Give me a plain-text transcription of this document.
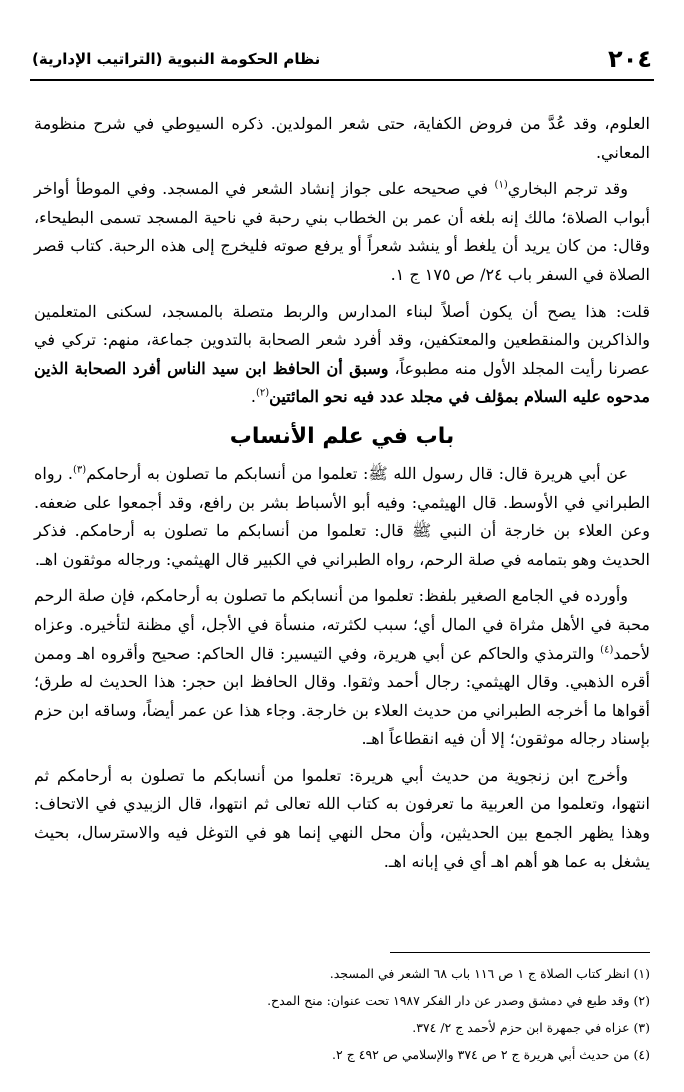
٢٠٤
نظام الحكومة النبوية (التراتيب الإدارية)

العلوم، وقد عُدَّ من فروض الكفاية، حتى شعر المولدين. ذكره السيوطي في شرح منظومة المعاني.

وقد ترجم البخاري$^{(١)}$ في صحيحه على جواز إنشاد الشعر في المسجد. وفي الموطأ أواخر أبواب الصلاة؛ مالك إنه بلغه أن عمر بن الخطاب بني رحبة في ناحية المسجد تسمى البطيحاء، وقال: من كان يريد أن يلغط أو ينشد شعراً أو يرفع صوته فليخرج إلى هذه الرحبة. كتاب قصر الصلاة في السفر باب ٢٤/ ص ١٧٥ ج ١.

قلت: هذا يصح أن يكون أصلاً لبناء المدارس والربط متصلة بالمسجد، لسكنى المتعلمين والذاكرين والمنقطعين والمعتكفين، وقد أفرد شعر الصحابة بالتدوين جماعة، منهم: تركي في عصرنا رأيت المجلد الأول منه مطبوعاً، وسبق أن الحافظ ابن سيد الناس أفرد الصحابة الذين مدحوه عليه السلام بمؤلف في مجلد عدد فيه نحو المائتين$^{(٢)}$.

باب في علم الأنساب

عن أبي هريرة قال: قال رسول الله ﷺ: تعلموا من أنسابكم ما تصلون به أرحامكم$^{(٣)}$. رواه الطبراني في الأوسط. قال الهيثمي: وفيه أبو الأسباط بشر بن رافع، وقد أجمعوا على ضعفه. وعن العلاء بن خارجة أن النبي ﷺ قال: تعلموا من أنسابكم ما تصلون به أرحامكم. فذكر الحديث وهو بتمامه في صلة الرحم، رواه الطبراني في الكبير قال الهيثمي: ورجاله موثقون اهـ.

وأورده في الجامع الصغير بلفظ: تعلموا من أنسابكم ما تصلون به أرحامكم، فإن صلة الرحم محبة في الأهل مثراة في المال أي؛ سبب لكثرته، منسأة في الأجل، أي مظنة لتأخيره. وعزاه لأحمد$^{(٤)}$ والترمذي والحاكم عن أبي هريرة، وفي التيسير: قال الحاكم: صحيح وأقروه اهـ وممن أقره الذهبي. وقال الهيثمي: رجال أحمد وثقوا. وقال الحافظ ابن حجر: هذا الحديث له طرق؛ أقواها ما أخرجه الطبراني من حديث العلاء بن خارجة. وجاء هذا عن عمر أيضاً، وساقه ابن حزم بإسناد رجاله موثقون؛ إلا أن فيه انقطاعاً اهـ.

وأخرج ابن زنجوية من حديث أبي هريرة: تعلموا من أنسابكم ما تصلون به أرحامكم ثم انتهوا، وتعلموا من العربية ما تعرفون به كتاب الله تعالى ثم انتهوا، قال الزبيدي في الاتحاف: وهذا يظهر الجمع بين الحديثين، وأن محل النهي إنما هو في التوغل فيه والاسترسال، بحيث يشغل به عما هو أهم اهـ أي في إبانه اهـ.

(١) انظر كتاب الصلاة ج ١ ص ١١٦ باب ٦٨ الشعر في المسجد.
(٢) وقد طبع في دمشق وصدر عن دار الفكر ١٩٨٧ تحت عنوان: منح المدح.
(٣) عزاه في جمهرة ابن حزم لأحمد ج ٢/ ٣٧٤.
(٤) من حديث أبي هريرة ج ٢ ص ٣٧٤ والإسلامي ص ٤٩٢ ج ٢.
